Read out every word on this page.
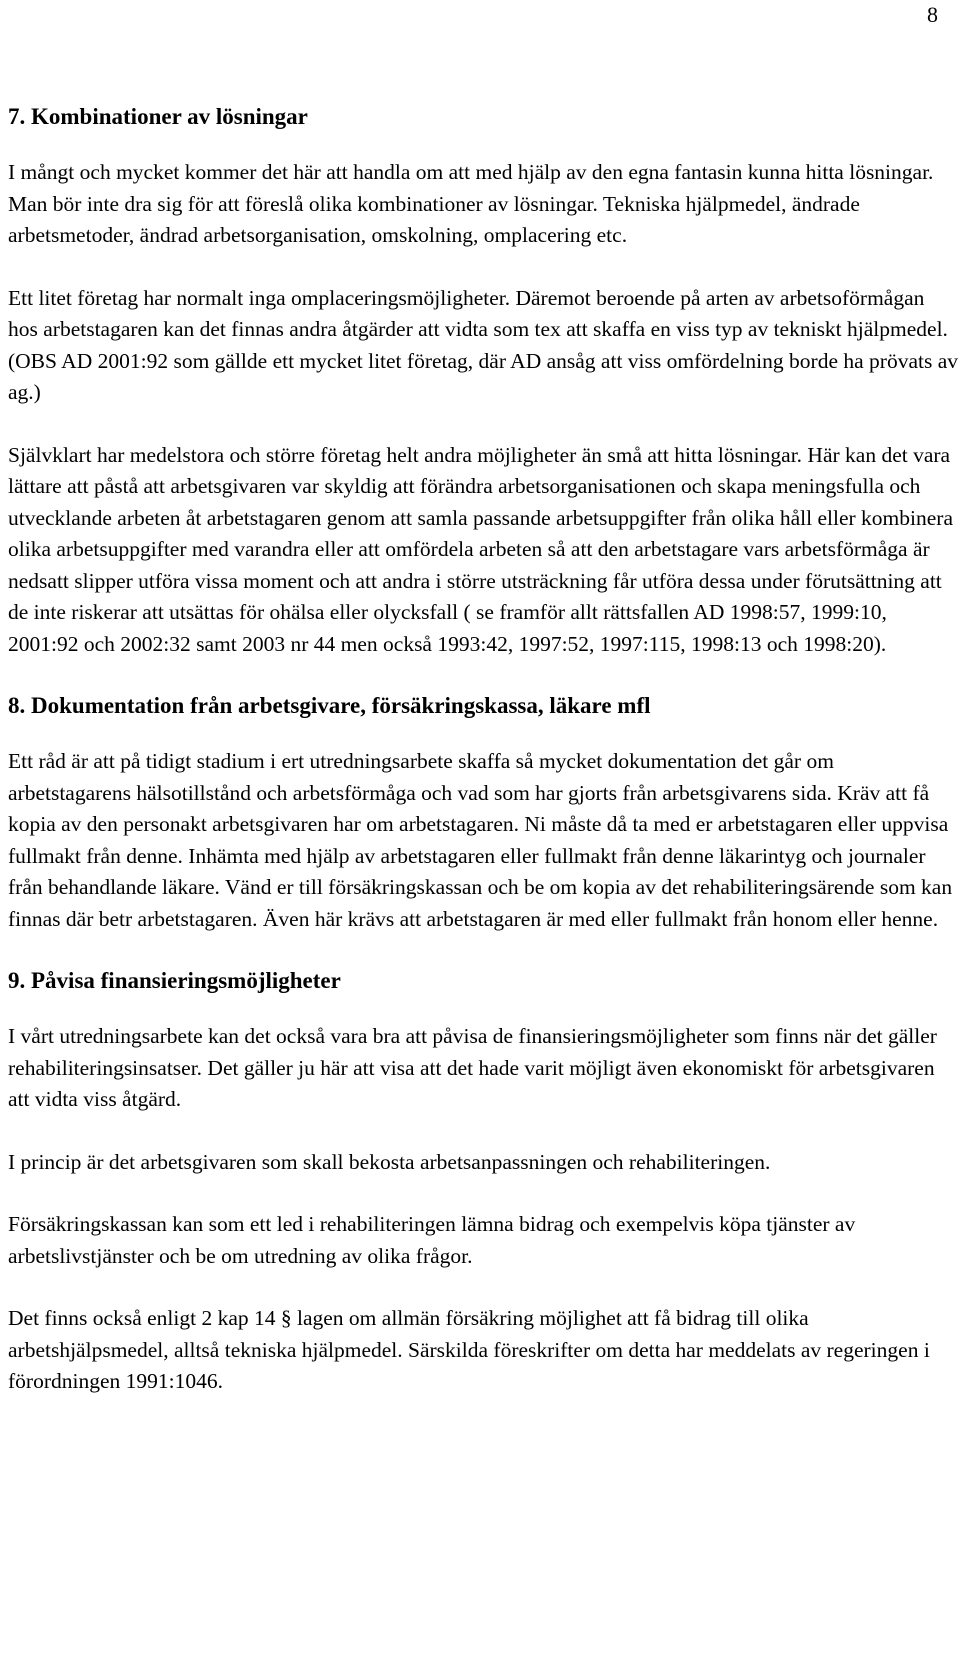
8
7. Kombinationer av lösningar

I mångt och mycket kommer det här att handla om att med hjälp av den egna fantasin kunna hitta lösningar. Man bör inte dra sig för att föreslå olika kombinationer av lösningar. Tekniska hjälpmedel, ändrade arbetsmetoder, ändrad arbetsorganisation, omskolning, omplacering etc.

Ett litet företag har normalt inga omplaceringsmöjligheter. Däremot beroende på arten av arbetsoförmågan hos arbetstagaren kan det finnas andra åtgärder att vidta som tex att skaffa en viss typ av tekniskt hjälpmedel. (OBS AD 2001:92 som gällde ett mycket litet företag, där AD ansåg att viss omfördelning borde ha prövats av ag.)

Självklart har medelstora och större företag helt andra möjligheter än små att hitta lösningar. Här kan det vara lättare att påstå att arbetsgivaren var skyldig att förändra arbetsorganisationen och skapa meningsfulla och utvecklande arbeten åt arbetstagaren genom att samla passande arbetsuppgifter från olika håll eller kombinera olika arbetsuppgifter med varandra eller att omfördela arbeten så att den arbetstagare vars arbetsförmåga är nedsatt slipper utföra vissa moment och att andra i större utsträckning får utföra dessa under förutsättning att de inte riskerar att utsättas för ohälsa eller olycksfall ( se framför allt rättsfallen AD 1998:57, 1999:10, 2001:92 och 2002:32 samt 2003 nr 44 men också 1993:42, 1997:52, 1997:115, 1998:13 och 1998:20).

8. Dokumentation från arbetsgivare, försäkringskassa, läkare mfl

Ett råd är att på tidigt stadium i ert utredningsarbete skaffa så mycket dokumentation det går om arbetstagarens hälsotillstånd och arbetsförmåga och vad som har gjorts från arbetsgivarens sida. Kräv att få kopia av den personakt arbetsgivaren har om arbetstagaren. Ni måste då ta med er arbetstagaren eller uppvisa fullmakt från denne. Inhämta med hjälp av arbetstagaren eller fullmakt från denne läkarintyg och journaler från behandlande läkare. Vänd er till försäkringskassan och be om kopia av det rehabiliteringsärende som kan finnas där betr arbetstagaren. Även här krävs att arbetstagaren är med eller fullmakt från honom eller henne.

9. Påvisa finansieringsmöjligheter

I vårt utredningsarbete kan det också vara bra att påvisa de finansieringsmöjligheter som finns när det gäller rehabiliteringsinsatser. Det gäller ju här att visa att det hade varit möjligt även ekonomiskt för arbetsgivaren att vidta viss åtgärd.

I princip är det arbetsgivaren som skall bekosta arbetsanpassningen och rehabiliteringen.

Försäkringskassan kan som ett led i rehabiliteringen lämna bidrag och exempelvis köpa tjänster av arbetslivstjänster och be om utredning av olika frågor.

Det finns också enligt 2 kap 14 § lagen om allmän försäkring möjlighet att få bidrag till olika arbetshjälpsmedel, alltså tekniska hjälpmedel. Särskilda föreskrifter om detta har meddelats av regeringen i förordningen 1991:1046.
